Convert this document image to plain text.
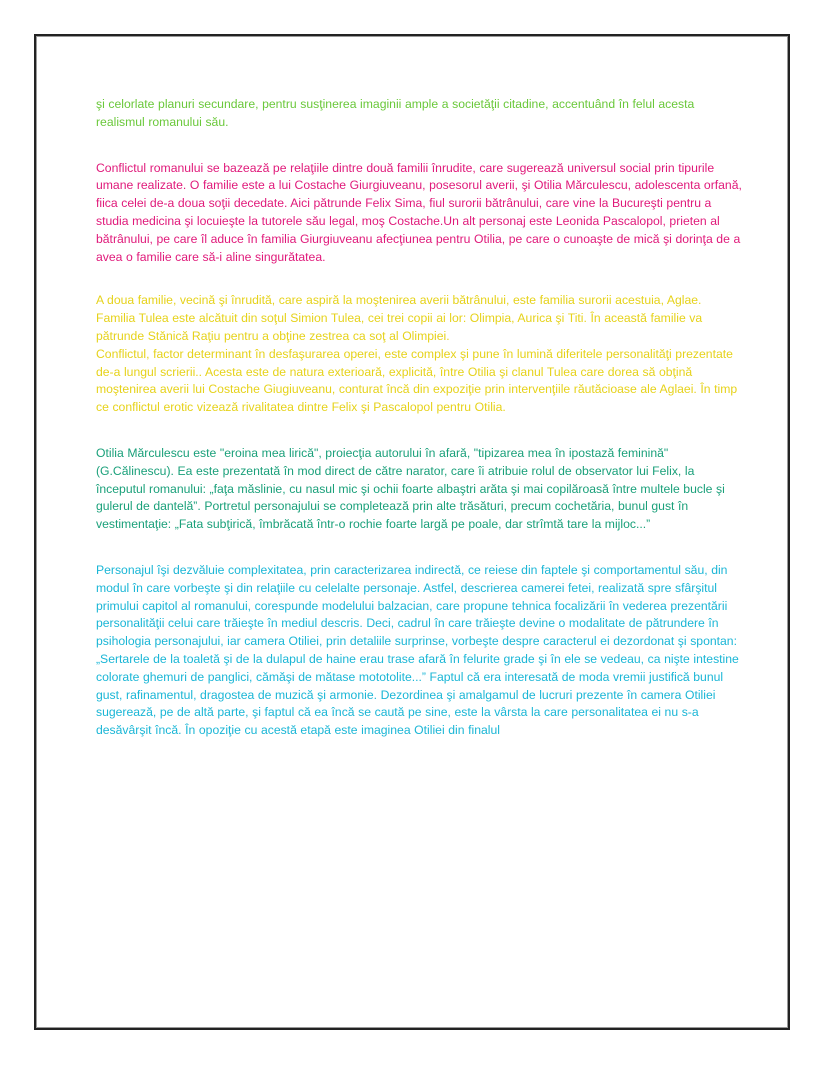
şi celorlate planuri secundare, pentru susţinerea imaginii ample a societăţii citadine, accentuând în felul acesta realismul romanului său.

Conflictul romanului se bazează pe relaţiile dintre două familii înrudite, care sugerează universul social prin tipurile umane realizate. O familie este a lui Costache Giurgiuveanu, posesorul averii, şi Otilia Mărculescu, adolescenta orfană, fiica celei de-a doua soţii decedate. Aici pătrunde Felix Sima, fiul surorii bătrânului, care vine la Bucureşti pentru a studia medicina şi locuieşte la tutorele său legal, moş Costache.Un alt personaj este Leonida Pascalopol, prieten al bătrânului, pe care îl aduce în familia Giurgiuveanu afecţiunea pentru Otilia, pe care o cunoaşte de mică şi dorinţa de a avea o familie care să-i aline singurătatea.

A doua familie, vecină şi înrudită, care aspiră la moştenirea averii bătrânului, este familia surorii acestuia, Aglae. Familia Tulea este alcătuit din soţul Simion Tulea, cei trei copii ai lor: Olimpia, Aurica şi Titi. În această familie va pătrunde Stănică Raţiu pentru a obţine zestrea ca soţ al Olimpiei.
Conflictul, factor determinant în desfaşurarea operei, este complex şi pune în lumină diferitele personalităţi prezentate de-a lungul scrierii.. Acesta este de natura exterioară, explicită, între Otilia şi clanul Tulea care dorea să obţină moştenirea averii lui Costache Giugiuveanu, conturat încă din expoziţie prin intervenţiile răutăcioase ale Aglaei. În timp ce conflictul erotic vizează rivalitatea dintre Felix şi Pascalopol pentru Otilia.

Otilia Mărculescu este "eroina mea lirică", proiecţia autorului în afară, "tipizarea mea în ipostază feminină" (G.Călinescu). Ea este prezentată în mod direct de către narator, care îi atribuie rolul de observator lui Felix, la începutul romanului: „faţa măslinie, cu nasul mic şi ochii foarte albaştri arăta şi mai copilăroasă între multele bucle şi gulerul de dantelă”. Portretul personajului se completează prin alte trăsături, precum cochetăria, bunul gust în vestimentaţie: „Fata subţirică, îmbrăcată într-o rochie foarte largă pe poale, dar strîmtă tare la mijloc...”

Personajul îşi dezvăluie complexitatea, prin caracterizarea indirectă, ce reiese din faptele şi comportamentul său, din modul în care vorbeşte şi din relaţiile cu celelalte personaje. Astfel, descrierea camerei fetei, realizată spre sfârşitul primului capitol al romanului, corespunde modelului balzacian, care propune tehnica focalizării în vederea prezentării personalităţii celui care trăieşte în mediul descris. Deci, cadrul în care trăieşte devine o modalitate de pătrundere în psihologia personajului, iar camera Otiliei, prin detaliile surprinse, vorbeşte despre caracterul ei dezordonat şi spontan: „Sertarele de la toaletă şi de la dulapul de haine erau trase afară în felurite grade şi în ele se vedeau, ca nişte intestine colorate ghemuri de panglici, cămăşi de mătase mototolite...” Faptul că era interesată de moda vremii justifică bunul gust, rafinamentul, dragostea de muzică şi armonie. Dezordinea şi amalgamul de lucruri prezente în camera Otiliei sugerează, pe de altă parte, şi faptul că ea încă se caută pe sine, este la vârsta la care personalitatea ei nu s-a desăvârşit încă. În opoziţie cu acestă etapă este imaginea Otiliei din finalul
